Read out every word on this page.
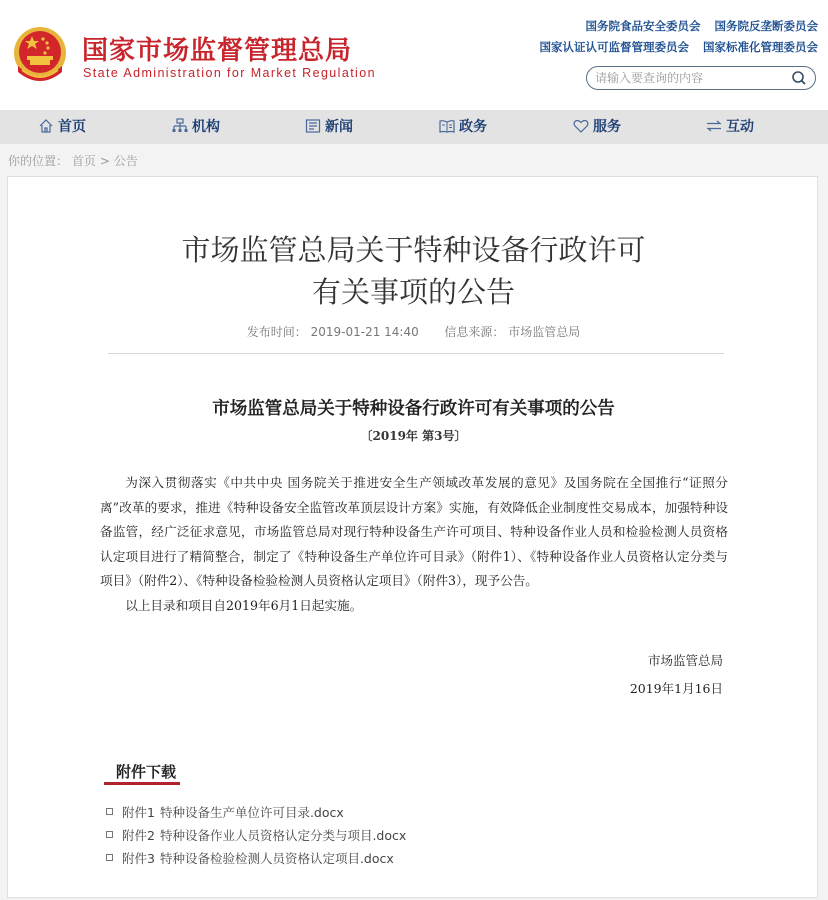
国家市场监督管理总局
State Administration for Market Regulation
国务院食品安全委员会 国务院反垄断委员会
国家认证认可监督管理委员会 国家标准化管理委员会
请输入要查询的内容
首页	机构	新闻	政务	服务	互动
你的位置： 首页 > 公告
市场监管总局关于特种设备行政许可
有关事项的公告
发布时间： 2019-01-21 14:40 信息来源： 市场监管总局
市场监管总局关于特种设备行政许可有关事项的公告
〔2019年 第3号〕

为深入贯彻落实《中共中央 国务院关于推进安全生产领域改革发展的意见》及国务院在全国推行“证照分离”改革的要求，推进《特种设备安全监管改革顶层设计方案》实施，有效降低企业制度性交易成本，加强特种设备监管，经广泛征求意见，市场监管总局对现行特种设备生产许可项目、特种设备作业人员和检验检测人员资格认定项目进行了精简整合，制定了《特种设备生产单位许可目录》（附件1）、《特种设备作业人员资格认定分类与项目》（附件2）、《特种设备检验检测人员资格认定项目》（附件3），现予公告。

以上目录和项目自2019年6月1日起实施。

市场监管总局
2019年1月16日
附件下载
附件1 特种设备生产单位许可目录.docx
附件2 特种设备作业人员资格认定分类与项目.docx
附件3 特种设备检验检测人员资格认定项目.docx
